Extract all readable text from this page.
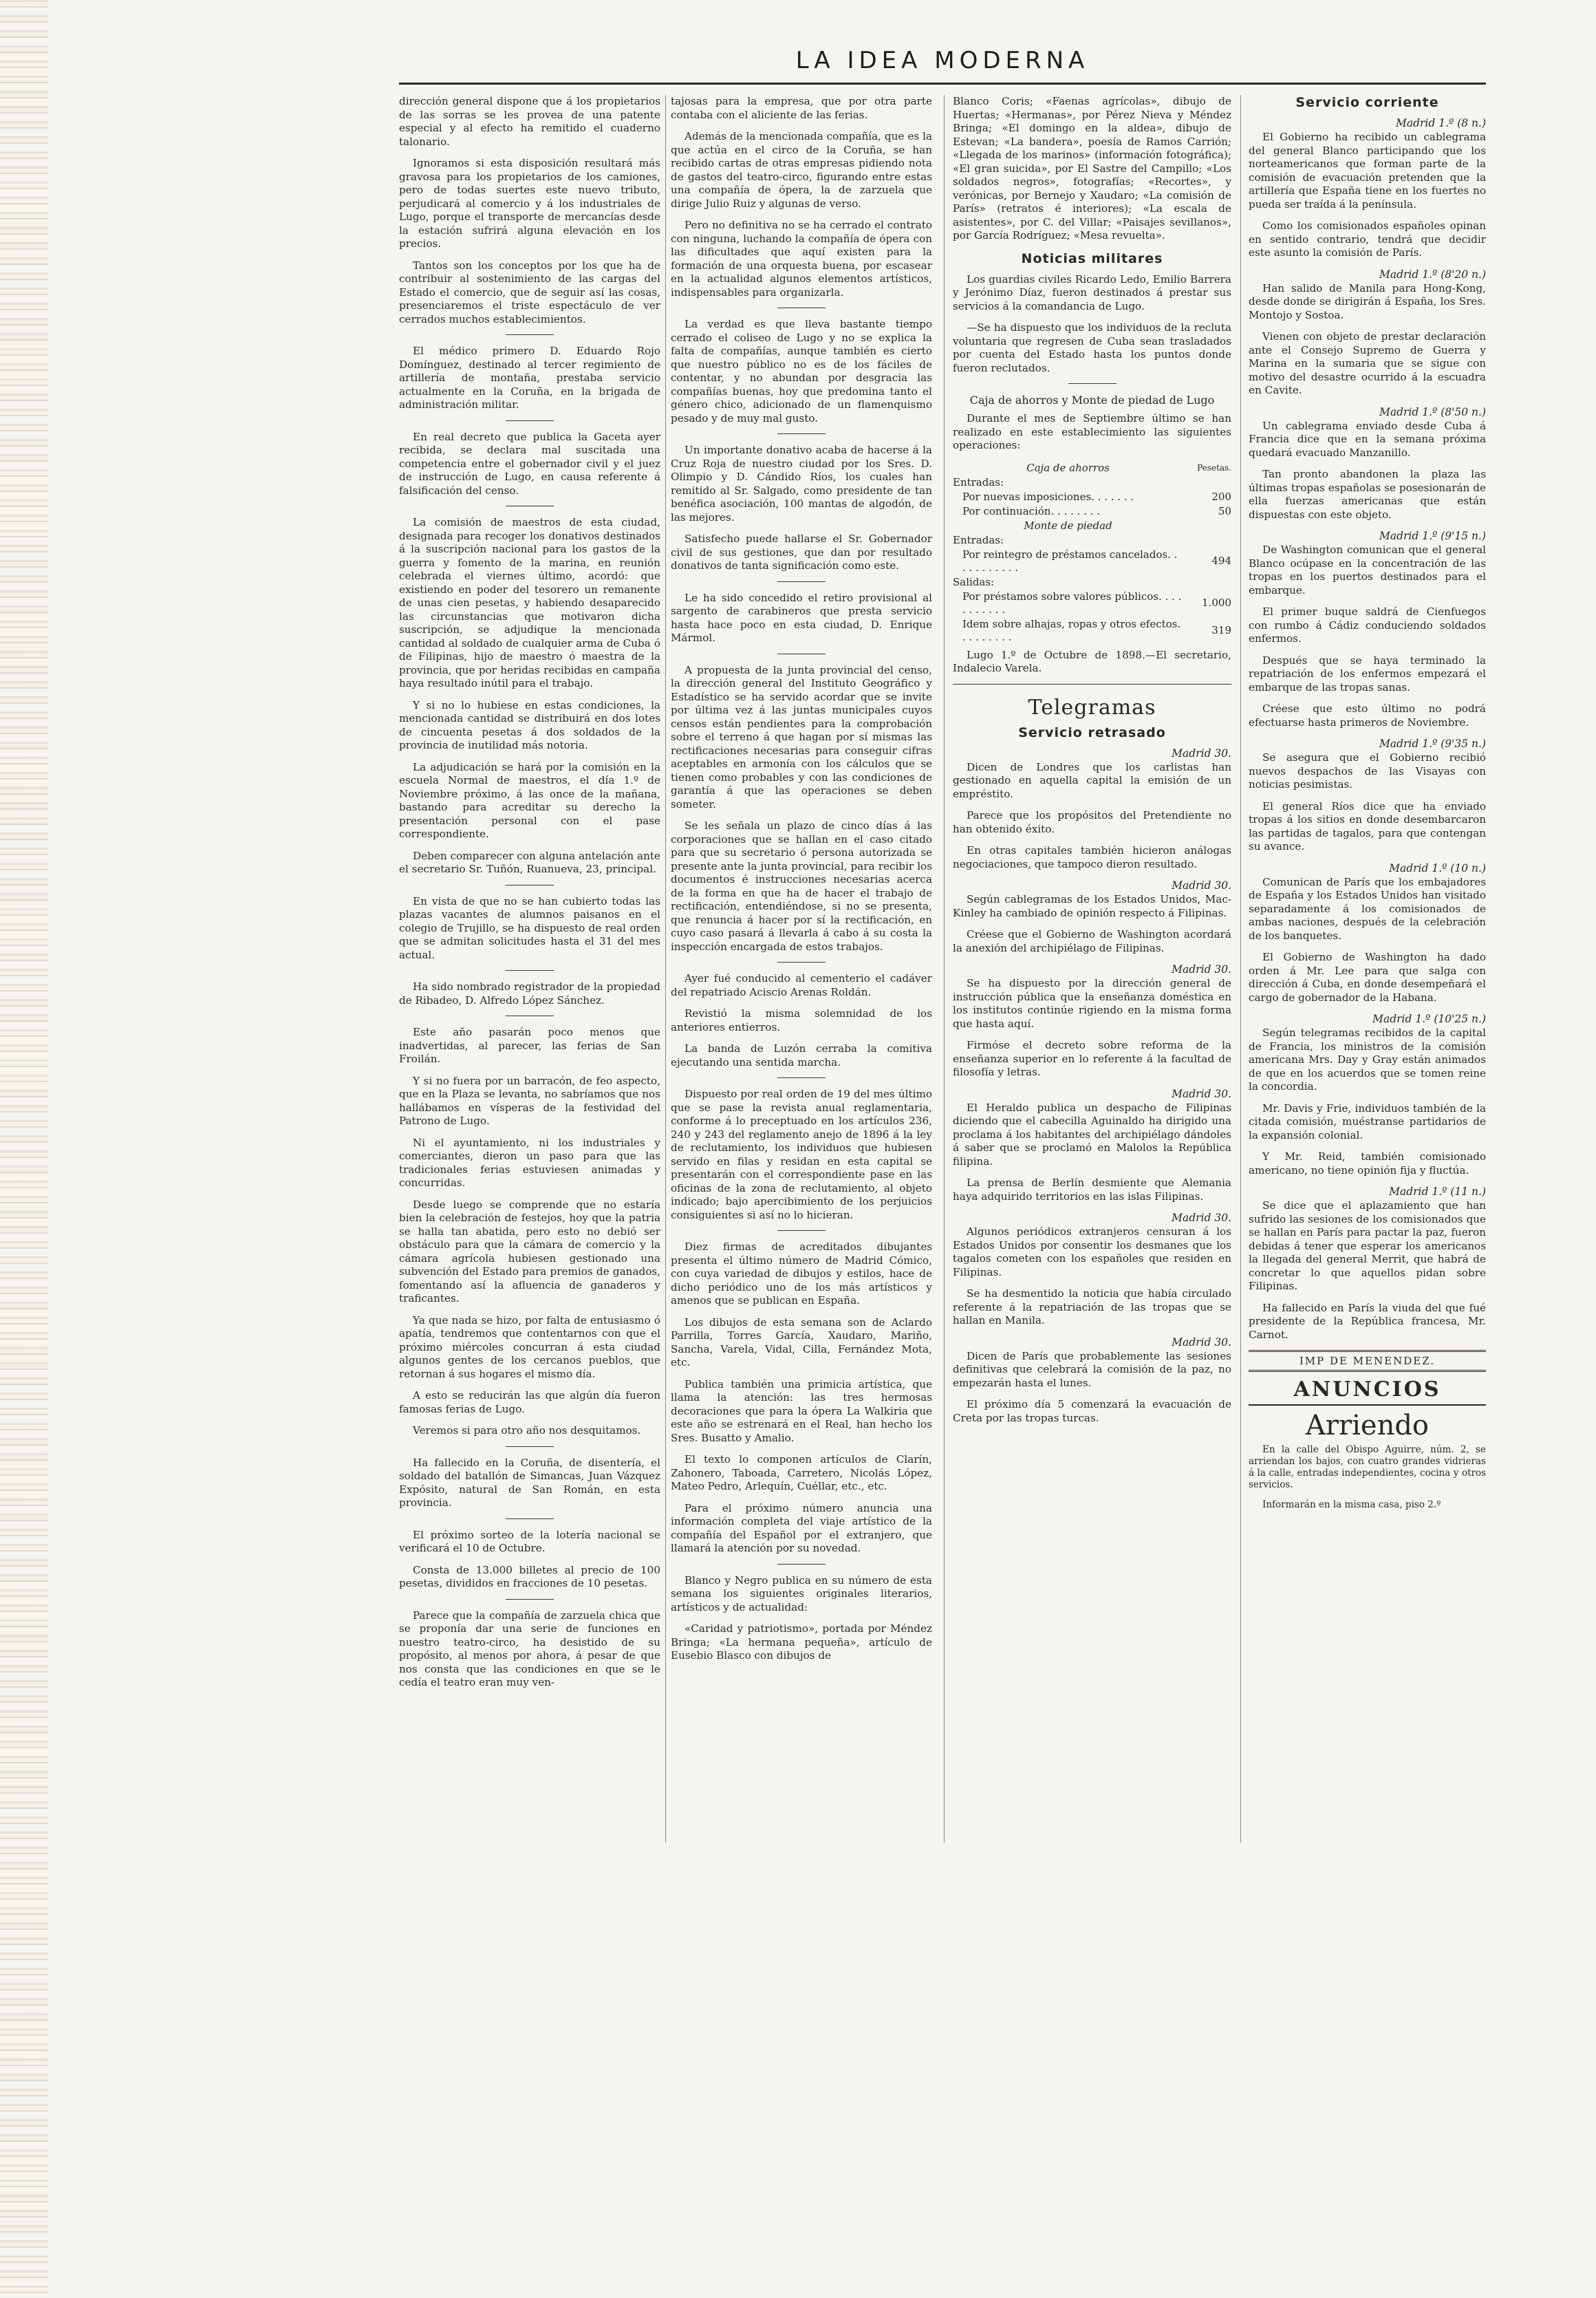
LA IDEA MODERNA

dirección general dispone que á los propietarios de las sorras se les provea de una patente especial y al efecto ha remitido el cuaderno talonario.

Ignoramos si esta disposición resultará más gravosa para los propietarios de los camiones, pero de todas suertes este nuevo tributo, perjudicará al comercio y á los industriales de Lugo, porque el transporte de mercancías desde la estación sufrirá alguna elevación en los precios.

Tantos son los conceptos por los que ha de contribuir al sostenimiento de las cargas del Estado el comercio, que de seguir así las cosas, presenciaremos el triste espectáculo de ver cerrados muchos establecimientos.

El médico primero D. Eduardo Rojo Domínguez, destinado al tercer regimiento de artillería de montaña, prestaba servicio actualmente en la Coruña, en la brigada de administración militar.

En real decreto que publica la Gaceta ayer recibida, se declara mal suscitada una competencia entre el gobernador civil y el juez de instrucción de Lugo, en causa referente á falsificación del censo.

La comisión de maestros de esta ciudad, designada para recoger los donativos destinados á la suscripción nacional para los gastos de la guerra y fomento de la marina, en reunión celebrada el viernes último, acordó: que existiendo en poder del tesorero un remanente de unas cien pesetas, y habiendo desaparecido las circunstancias que motivaron dicha suscripción, se adjudique la mencionada cantidad al soldado de cualquier arma de Cuba ó de Filipinas, hijo de maestro ó maestra de la provincia, que por heridas recibidas en campaña haya resultado inútil para el trabajo.

Y si no lo hubiese en estas condiciones, la mencionada cantidad se distribuirá en dos lotes de cincuenta pesetas á dos soldados de la provincia de inutilidad más notoria.

La adjudicación se hará por la comisión en la escuela Normal de maestros, el día 1.º de Noviembre próximo, á las once de la mañana, bastando para acreditar su derecho la presentación personal con el pase correspondiente.

Deben comparecer con alguna antelación ante el secretario Sr. Tuñón, Ruanueva, 23, principal.

En vista de que no se han cubierto todas las plazas vacantes de alumnos paisanos en el colegio de Trujillo, se ha dispuesto de real orden que se admitan solicitudes hasta el 31 del mes actual.

Ha sido nombrado registrador de la propiedad de Ribadeo, D. Alfredo López Sánchez.

Este año pasarán poco menos que inadvertidas, al parecer, las ferias de San Froilán.

Y si no fuera por un barracón, de feo aspecto, que en la Plaza se levanta, no sabríamos que nos hallábamos en vísperas de la festividad del Patrono de Lugo.

Ni el ayuntamiento, ni los industriales y comerciantes, dieron un paso para que las tradicionales ferias estuviesen animadas y concurridas.

Desde luego se comprende que no estaría bien la celebración de festejos, hoy que la patria se halla tan abatida, pero esto no debió ser obstáculo para que la cámara de comercio y la cámara agrícola hubiesen gestionado una subvención del Estado para premios de ganados, fomentando así la afluencia de ganaderos y traficantes.

Ya que nada se hizo, por falta de entusiasmo ó apatía, tendremos que contentarnos con que el próximo miércoles concurran á esta ciudad algunos gentes de los cercanos pueblos, que retornan á sus hogares el mismo día.

A esto se reducirán las que algún día fueron famosas ferias de Lugo.

Veremos si para otro año nos desquitamos.

Ha fallecido en la Coruña, de disentería, el soldado del batallón de Simancas, Juan Vázquez Expósito, natural de San Román, en esta provincia.

El próximo sorteo de la lotería nacional se verificará el 10 de Octubre.

Consta de 13.000 billetes al precio de 100 pesetas, divididos en fracciones de 10 pesetas.

Parece que la compañía de zarzuela chica que se proponía dar una serie de funciones en nuestro teatro-circo, ha desistido de su propósito, al menos por ahora, á pesar de que nos consta que las condiciones en que se le cedía el teatro eran muy ven-

tajosas para la empresa, que por otra parte contaba con el aliciente de las ferias.

Además de la mencionada compañía, que es la que actúa en el circo de la Coruña, se han recibido cartas de otras empresas pidiendo nota de gastos del teatro-circo, figurando entre estas una compañía de ópera, la de zarzuela que dirige Julio Ruiz y algunas de verso.

Pero no definitiva no se ha cerrado el contrato con ninguna, luchando la compañía de ópera con las dificultades que aquí existen para la formación de una orquesta buena, por escasear en la actualidad algunos elementos artísticos, indispensables para organizarla.

La verdad es que lleva bastante tiempo cerrado el coliseo de Lugo y no se explica la falta de compañías, aunque también es cierto que nuestro público no es de los fáciles de contentar, y no abundan por desgracia las compañías buenas, hoy que predomina tanto el género chico, adicionado de un flamenquismo pesado y de muy mal gusto.

Un importante donativo acaba de hacerse á la Cruz Roja de nuestro ciudad por los Sres. D. Olimpio y D. Cándido Ríos, los cuales han remitido al Sr. Salgado, como presidente de tan benéfica asociación, 100 mantas de algodón, de las mejores.

Satisfecho puede hallarse el Sr. Gobernador civil de sus gestiones, que dan por resultado donativos de tanta significación como este.

Le ha sido concedido el retiro provisional al sargento de carabineros que presta servicio hasta hace poco en esta ciudad, D. Enrique Mármol.

A propuesta de la junta provincial del censo, la dirección general del Instituto Geográfico y Estadístico se ha servido acordar que se invite por última vez á las juntas municipales cuyos censos están pendientes para la comprobación sobre el terreno á que hagan por sí mismas las rectificaciones necesarias para conseguir cifras aceptables en armonía con los cálculos que se tienen como probables y con las condiciones de garantía á que las operaciones se deben someter.

Se les señala un plazo de cinco días á las corporaciones que se hallan en el caso citado para que su secretario ó persona autorizada se presente ante la junta provincial, para recibir los documentos é instrucciones necesarias acerca de la forma en que ha de hacer el trabajo de rectificación, entendiéndose, si no se presenta, que renuncia á hacer por sí la rectificación, en cuyo caso pasará á llevarla á cabo á su costa la inspección encargada de estos trabajos.

Ayer fué conducido al cementerio el cadáver del repatriado Aciscio Arenas Roldán.

Revistió la misma solemnidad de los anteriores entierros.

La banda de Luzón cerraba la comitiva ejecutando una sentida marcha.

Dispuesto por real orden de 19 del mes último que se pase la revista anual reglamentaria, conforme á lo preceptuado en los artículos 236, 240 y 243 del reglamento anejo de 1896 á la ley de reclutamiento, los individuos que hubiesen servido en filas y residan en esta capital se presentarán con el correspondiente pase en las oficinas de la zona de reclutamiento, al objeto indicado; bajo apercibimiento de los perjuicios consiguientes si así no lo hicieran.

Diez firmas de acreditados dibujantes presenta el último número de Madrid Cómico, con cuya variedad de dibujos y estilos, hace de dicho periódico uno de los más artísticos y amenos que se publican en España.

Los dibujos de esta semana son de Aclardo Parrilla, Torres García, Xaudaro, Mariño, Sancha, Varela, Vidal, Cilla, Fernández Mota, etc.

Publica también una primicia artística, que llama la atención: las tres hermosas decoraciones que para la ópera La Walkiria que este año se estrenará en el Real, han hecho los Sres. Busatto y Amalio.

El texto lo componen artículos de Clarín, Zahonero, Taboada, Carretero, Nicolás López, Mateo Pedro, Arlequín, Cuéllar, etc., etc.

Para el próximo número anuncia una información completa del viaje artístico de la compañía del Español por el extranjero, que llamará la atención por su novedad.

Blanco y Negro publica en su número de esta semana los siguientes originales literarios, artísticos y de actualidad:

«Caridad y patriotismo», portada por Méndez Bringa; «La hermana pequeña», artículo de Eusebio Blasco con dibujos de

Blanco Coris; «Faenas agrícolas», dibujo de Huertas; «Hermanas», por Pérez Nieva y Méndez Bringa; «El domingo en la aldea», dibujo de Estevan; «La bandera», poesía de Ramos Carrión; «Llegada de los marinos» (información fotográfica); «El gran suicida», por El Sastre del Campillo; «Los soldados negros», fotografías; «Recortes», y verónicas, por Bernejo y Xaudaro; «La comisión de París» (retratos é interiores); «La escala de asistentes», por C. del Villar; «Paisajes sevillanos», por García Rodríguez; «Mesa revuelta».

Noticias militares

Los guardias civiles Ricardo Ledo, Emilio Barrera y Jerónimo Díaz, fueron destinados á prestar sus servicios á la comandancia de Lugo.

—Se ha dispuesto que los individuos de la recluta voluntaria que regresen de Cuba sean trasladados por cuenta del Estado hasta los puntos donde fueron reclutados.

Caja de ahorros y Monte de piedad de Lugo

Durante el mes de Septiembre último se han realizado en este establecimiento las siguientes operaciones:

Caja de ahorros	Pesetas.
Entradas:	
Por nuevas imposiciones. . . . . . .	200
Por continuación. . . . . . . .	50
Monte de piedad	
Entradas:	
Por reintegro de préstamos cancelados. . . . . . . . . . .	494
Salidas:	
Por préstamos sobre valores públicos. . . . . . . . . . .	1.000
Idem sobre alhajas, ropas y otros efectos. . . . . . . . .	319

Lugo 1.º de Octubre de 1898.—El secretario, Indalecio Varela.

Telegramas
Servicio retrasado
Madrid 30.

Dicen de Londres que los carlistas han gestionado en aquella capital la emisión de un empréstito.

Parece que los propósitos del Pretendiente no han obtenido éxito.

En otras capitales también hicieron análogas negociaciones, que tampoco dieron resultado.

Madrid 30.

Según cablegramas de los Estados Unidos, Mac-Kinley ha cambiado de opinión respecto á Filipinas.

Créese que el Gobierno de Washington acordará la anexión del archipiélago de Filipinas.

Madrid 30.

Se ha dispuesto por la dirección general de instrucción pública que la enseñanza doméstica en los institutos continúe rigiendo en la misma forma que hasta aquí.

Firmóse el decreto sobre reforma de la enseñanza superior en lo referente á la facultad de filosofía y letras.

Madrid 30.

El Heraldo publica un despacho de Filipinas diciendo que el cabecilla Aguinaldo ha dirigido una proclama á los habitantes del archipiélago dándoles á saber que se proclamó en Malolos la República filipina.

La prensa de Berlín desmiente que Alemania haya adquirido territorios en las islas Filipinas.

Madrid 30.

Algunos periódicos extranjeros censuran á los Estados Unidos por consentir los desmanes que los tagalos cometen con los españoles que residen en Filipinas.

Se ha desmentido la noticia que había circulado referente á la repatriación de las tropas que se hallan en Manila.

Madrid 30.

Dicen de París que probablemente las sesiones definitivas que celebrará la comisión de la paz, no empezarán hasta el lunes.

El próximo día 5 comenzará la evacuación de Creta por las tropas turcas.

Servicio corriente
Madrid 1.º (8 n.)

El Gobierno ha recibido un cablegrama del general Blanco participando que los norteamericanos que forman parte de la comisión de evacuación pretenden que la artillería que España tiene en los fuertes no pueda ser traída á la península.

Como los comisionados españoles opinan en sentido contrario, tendrá que decidir este asunto la comisión de París.

Madrid 1.º (8'20 n.)

Han salido de Manila para Hong-Kong, desde donde se dirigirán á España, los Sres. Montojo y Sostoa.

Vienen con objeto de prestar declaración ante el Consejo Supremo de Guerra y Marina en la sumaria que se sigue con motivo del desastre ocurrido á la escuadra en Cavite.

Madrid 1.º (8'50 n.)

Un cablegrama enviado desde Cuba á Francia dice que en la semana próxima quedará evacuado Manzanillo.

Tan pronto abandonen la plaza las últimas tropas españolas se posesionarán de ella fuerzas americanas que están dispuestas con este objeto.

Madrid 1.º (9'15 n.)

De Washington comunican que el general Blanco ocúpase en la concentración de las tropas en los puertos destinados para el embarque.

El primer buque saldrá de Cienfuegos con rumbo á Cádiz conduciendo soldados enfermos.

Después que se haya terminado la repatriación de los enfermos empezará el embarque de las tropas sanas.

Créese que esto último no podrá efectuarse hasta primeros de Noviembre.

Madrid 1.º (9'35 n.)

Se asegura que el Gobierno recibió nuevos despachos de las Visayas con noticias pesimistas.

El general Ríos dice que ha enviado tropas á los sitios en donde desembarcaron las partidas de tagalos, para que contengan su avance.

Madrid 1.º (10 n.)

Comunican de París que los embajadores de España y los Estados Unidos han visitado separadamente á los comisionados de ambas naciones, después de la celebración de los banquetes.

El Gobierno de Washington ha dado orden á Mr. Lee para que salga con dirección á Cuba, en donde desempeñará el cargo de gobernador de la Habana.

Madrid 1.º (10'25 n.)

Según telegramas recibidos de la capital de Francia, los ministros de la comisión americana Mrs. Day y Gray están animados de que en los acuerdos que se tomen reine la concordia.

Mr. Davis y Frie, individuos también de la citada comisión, muéstranse partidarios de la expansión colonial.

Y Mr. Reid, también comisionado americano, no tiene opinión fija y fluctúa.

Madrid 1.º (11 n.)

Se dice que el aplazamiento que han sufrido las sesiones de los comisionados que se hallan en París para pactar la paz, fueron debidas á tener que esperar los americanos la llegada del general Merrit, que habrá de concretar lo que aquellos pidan sobre Filipinas.

Ha fallecido en París la viuda del que fué presidente de la República francesa, Mr. Carnot.

IMP DE MENENDEZ.
ANUNCIOS
Arriendo

En la calle del Obispo Aguirre, núm. 2, se arriendan los bajos, con cuatro grandes vidrieras á la calle, entradas independientes, cocina y otros servicios.

Informarán en la misma casa, piso 2.º
